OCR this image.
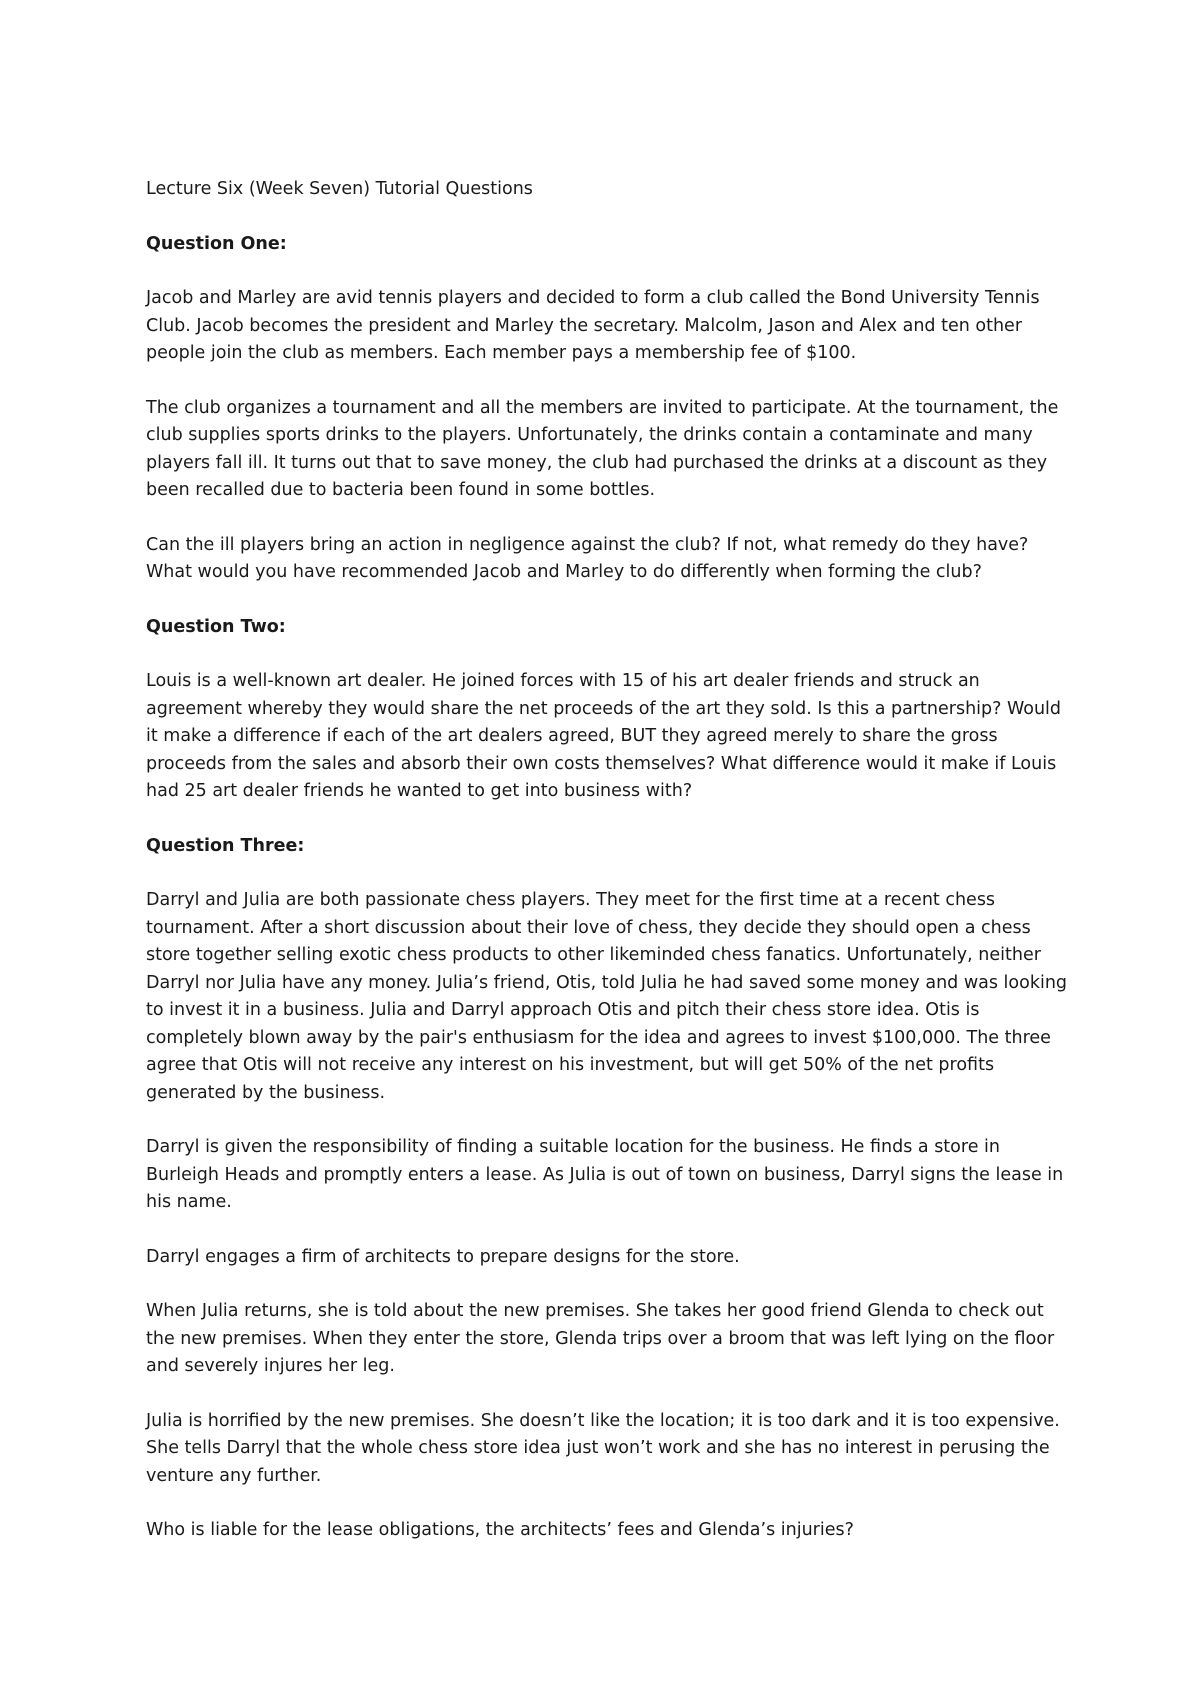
Lecture Six (Week Seven) Tutorial Questions

Question One:

Jacob and Marley are avid tennis players and decided to form a club called the Bond University Tennis Club. Jacob becomes the president and Marley the secretary. Malcolm, Jason and Alex and ten other people join the club as members. Each member pays a membership fee of $100.

The club organizes a tournament and all the members are invited to participate. At the tournament, the club supplies sports drinks to the players. Unfortunately, the drinks contain a contaminate and many players fall ill. It turns out that to save money, the club had purchased the drinks at a discount as they been recalled due to bacteria been found in some bottles.

Can the ill players bring an action in negligence against the club? If not, what remedy do they have? What would you have recommended Jacob and Marley to do differently when forming the club?

Question Two:

Louis is a well-known art dealer. He joined forces with 15 of his art dealer friends and struck an agreement whereby they would share the net proceeds of the art they sold. Is this a partnership? Would it make a difference if each of the art dealers agreed, BUT they agreed merely to share the gross proceeds from the sales and absorb their own costs themselves? What difference would it make if Louis had 25 art dealer friends he wanted to get into business with?

Question Three:

Darryl and Julia are both passionate chess players. They meet for the first time at a recent chess tournament. After a short discussion about their love of chess, they decide they should open a chess store together selling exotic chess products to other likeminded chess fanatics. Unfortunately, neither Darryl nor Julia have any money. Julia’s friend, Otis, told Julia he had saved some money and was looking to invest it in a business. Julia and Darryl approach Otis and pitch their chess store idea. Otis is completely blown away by the pair's enthusiasm for the idea and agrees to invest $100,000. The three agree that Otis will not receive any interest on his investment, but will get 50% of the net profits generated by the business.

Darryl is given the responsibility of finding a suitable location for the business. He finds a store in Burleigh Heads and promptly enters a lease. As Julia is out of town on business, Darryl signs the lease in his name.

Darryl engages a firm of architects to prepare designs for the store.

When Julia returns, she is told about the new premises. She takes her good friend Glenda to check out the new premises. When they enter the store, Glenda trips over a broom that was left lying on the floor and severely injures her leg.

Julia is horrified by the new premises. She doesn’t like the location; it is too dark and it is too expensive. She tells Darryl that the whole chess store idea just won’t work and she has no interest in perusing the venture any further.

Who is liable for the lease obligations, the architects’ fees and Glenda’s injuries?
